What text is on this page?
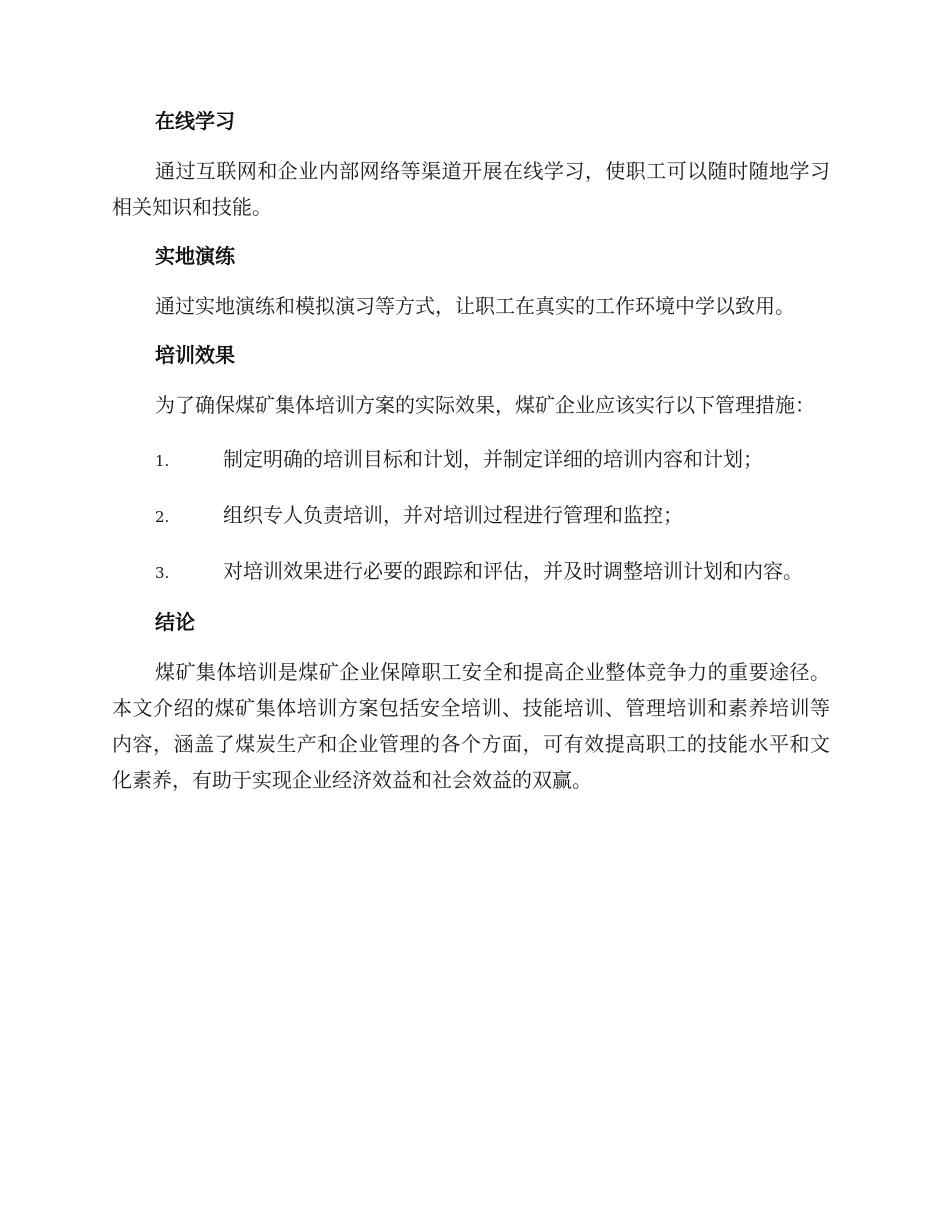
在线学习

通过互联网和企业内部网络等渠道开展在线学习，使职工可以随时随地学习相关知识和技能。

实地演练

通过实地演练和模拟演习等方式，让职工在真实的工作环境中学以致用。

培训效果

为了确保煤矿集体培训方案的实际效果，煤矿企业应该实行以下管理措施：

1.	制定明确的培训目标和计划，并制定详细的培训内容和计划；
2.	组织专人负责培训，并对培训过程进行管理和监控；
3.	对培训效果进行必要的跟踪和评估，并及时调整培训计划和内容。
结论

煤矿集体培训是煤矿企业保障职工安全和提高企业整体竞争力的重要途径。本文介绍的煤矿集体培训方案包括安全培训、技能培训、管理培训和素养培训等内容，涵盖了煤炭生产和企业管理的各个方面，可有效提高职工的技能水平和文化素养，有助于实现企业经济效益和社会效益的双赢。
